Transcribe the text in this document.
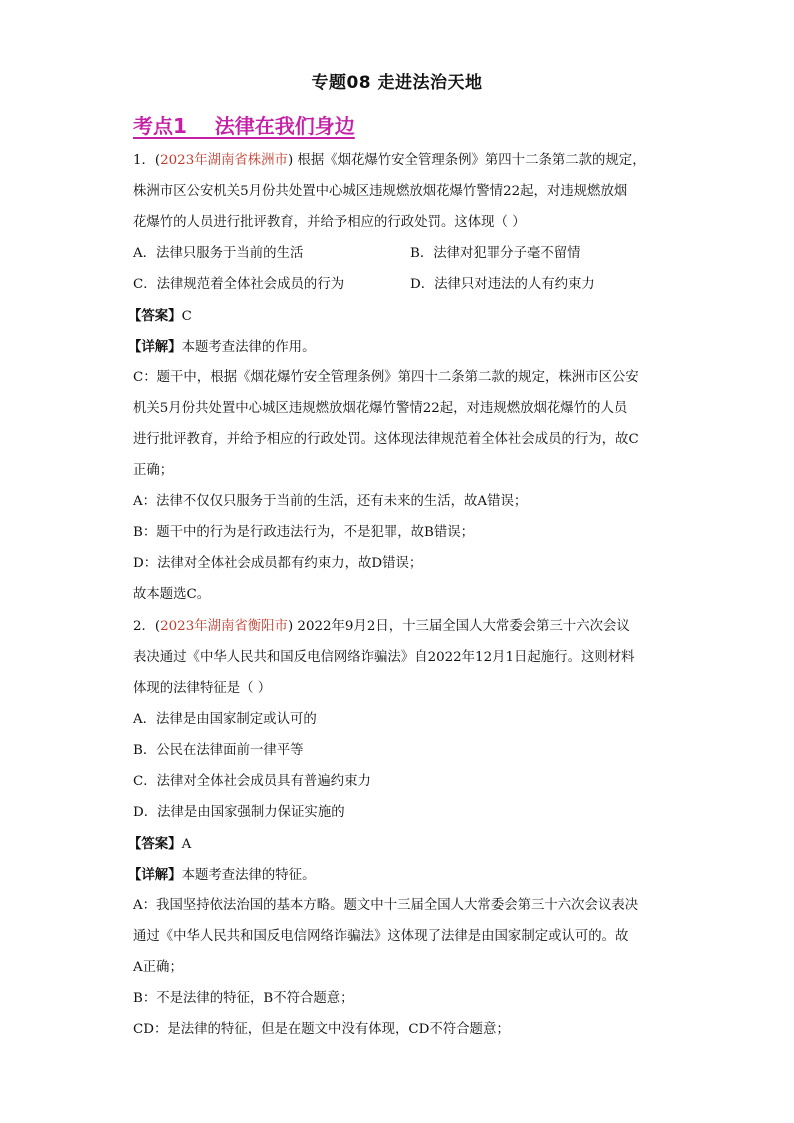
专题08 走进法治天地
考点1    法律在我们身边
1．(2023年湖南省株洲市) 根据《烟花爆竹安全管理条例》第四十二条第二款的规定，
株洲市区公安机关5月份共处置中心城区违规燃放烟花爆竹警情22起，对违规燃放烟
花爆竹的人员进行批评教育，并给予相应的行政处罚。这体现（ ）
A．法律只服务于当前的生活	B．法律对犯罪分子毫不留情
C．法律规范着全体社会成员的行为	D．法律只对违法的人有约束力
【答案】C
【详解】本题考查法律的作用。
C：题干中，根据《烟花爆竹安全管理条例》第四十二条第二款的规定，株洲市区公安
机关5月份共处置中心城区违规燃放烟花爆竹警情22起，对违规燃放烟花爆竹的人员
进行批评教育，并给予相应的行政处罚。这体现法律规范着全体社会成员的行为，故C
正确；
A：法律不仅仅只服务于当前的生活，还有未来的生活，故A错误；
B：题干中的行为是行政违法行为，不是犯罪，故B错误；
D：法律对全体社会成员都有约束力，故D错误；
故本题选C。
2．(2023年湖南省衡阳市) 2022年9月2日，十三届全国人大常委会第三十六次会议
表决通过《中华人民共和国反电信网络诈骗法》自2022年12月1日起施行。这则材料
体现的法律特征是（ ）
A．法律是由国家制定或认可的
B．公民在法律面前一律平等
C．法律对全体社会成员具有普遍约束力
D．法律是由国家强制力保证实施的
【答案】A
【详解】本题考查法律的特征。
A：我国坚持依法治国的基本方略。题文中十三届全国人大常委会第三十六次会议表决
通过《中华人民共和国反电信网络诈骗法》这体现了法律是由国家制定或认可的。故
A正确；
B：不是法律的特征，B不符合题意；
CD：是法律的特征，但是在题文中没有体现，CD不符合题意；
